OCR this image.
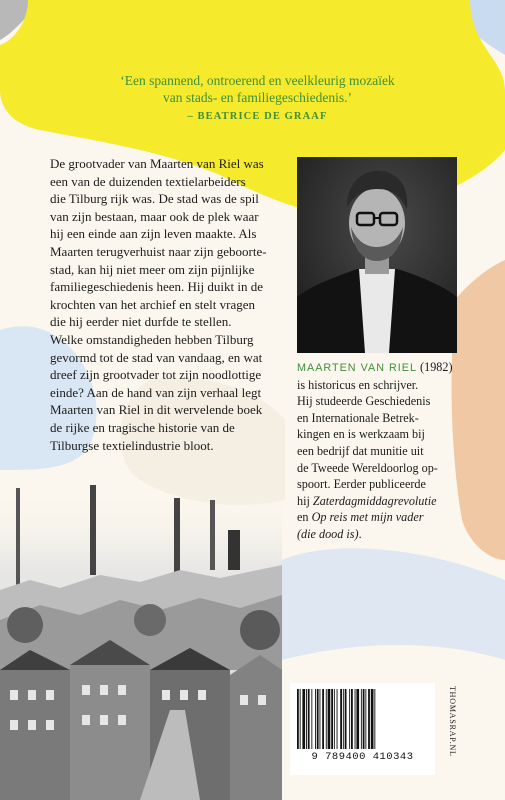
‘Een spannend, ontroerend en veelkleurig mozaïek
van stads- en familiegeschiedenis.’
– BEATRICE DE GRAAF
De grootvader van Maarten van Riel was
een van de duizenden textielarbeiders
die Tilburg rijk was. De stad was de spil
van zijn bestaan, maar ook de plek waar
hij een einde aan zijn leven maakte. Als
Maarten terugverhuist naar zijn geboorte-
stad, kan hij niet meer om zijn pijnlijke
familiegeschiedenis heen. Hij duikt in de
krochten van het archief en stelt vragen
die hij eerder niet durfde te stellen.
Welke omstandigheden hebben Tilburg
gevormd tot de stad van vandaag, en wat
dreef zijn grootvader tot zijn noodlottige
einde? Aan de hand van zijn verhaal legt
Maarten van Riel in dit wervelende boek
de rijke en tragische historie van de
Tilburgse textielindustrie bloot.
MAARTEN VAN RIEL (1982)
is historicus en schrijver.
Hij studeerde Geschiedenis
en Internationale Betrek-
kingen en is werkzaam bij
een bedrijf dat munitie uit
de Tweede Wereldoorlog op-
spoort. Eerder publiceerde
hij Zaterdagmiddagrevolutie
en Op reis met mijn vader
(die dood is).
9 789400 410343
THOMASRAP.NL
